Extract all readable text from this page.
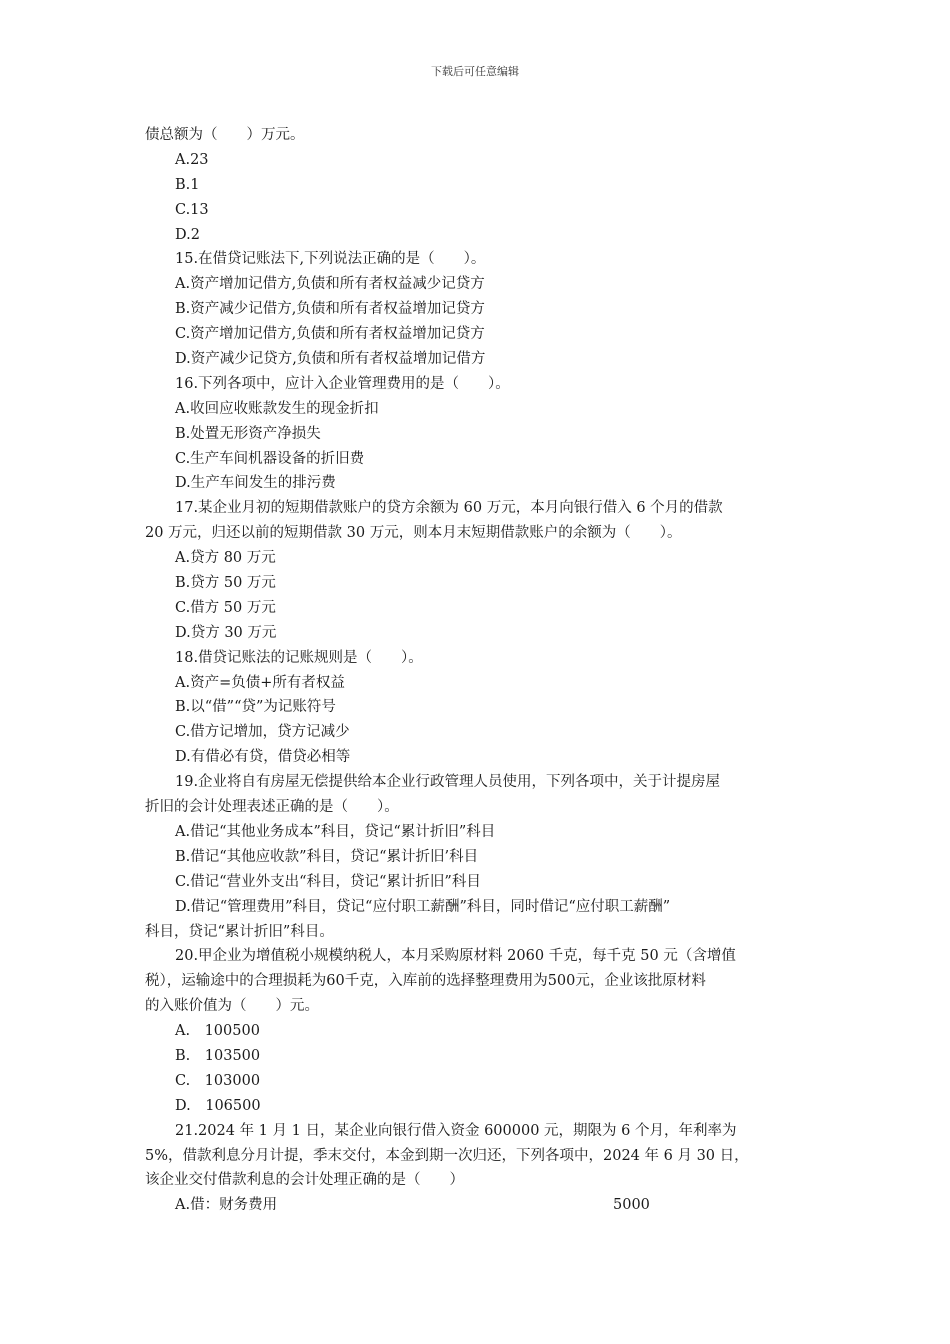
下载后可任意编辑
债总额为（　　）万元。
A.23
B.1
C.13
D.2
15.在借贷记账法下,下列说法正确的是（　　）。
A.资产增加记借方,负债和所有者权益减少记贷方
B.资产减少记借方,负债和所有者权益增加记贷方
C.资产增加记借方,负债和所有者权益增加记贷方
D.资产减少记贷方,负债和所有者权益增加记借方
16.下列各项中，应计入企业管理费用的是（　　）。
A.收回应收账款发生的现金折扣
B.处置无形资产净损失
C.生产车间机器设备的折旧费
D.生产车间发生的排污费
17.某企业月初的短期借款账户的贷方余额为 60 万元，本月向银行借入 6 个月的借款
20 万元，归还以前的短期借款 30 万元，则本月末短期借款账户的余额为（　　）。
A.贷方 80 万元
B.贷方 50 万元
C.借方 50 万元
D.贷方 30 万元
18.借贷记账法的记账规则是（　　）。
A.资产=负债+所有者权益
B.以“借”“贷”为记账符号
C.借方记增加，贷方记减少
D.有借必有贷，借贷必相等
19.企业将自有房屋无偿提供给本企业行政管理人员使用，下列各项中，关于计提房屋
折旧的会计处理表述正确的是（　　）。
A.借记“其他业务成本”科目，贷记“累计折旧”科目
B.借记“其他应收款”科目，贷记“累计折旧’科目
C.借记“营业外支出“科目，贷记“累计折旧”科目
D.借记“管理费用”科目，贷记“应付职工薪酬”科目，同时借记“应付职工薪酬”
科目，贷记“累计折旧”科目。
20.甲企业为增值税小规模纳税人，本月采购原材料 2060 千克，每千克 50 元（含增值
税），运输途中的合理损耗为60千克，入库前的选择整理费用为500元，企业该批原材料
的入账价值为（　　）元。
A.　100500
B.　103500
C.　103000
D.　106500
21.2024 年 1 月 1 日，某企业向银行借入资金 600000 元，期限为 6 个月，年利率为
5%，借款利息分月计提，季末交付，本金到期一次归还，下列各项中，2024 年 6 月 30 日，
该企业交付借款利息的会计处理正确的是（　　）
A.借：财务费用	5000
